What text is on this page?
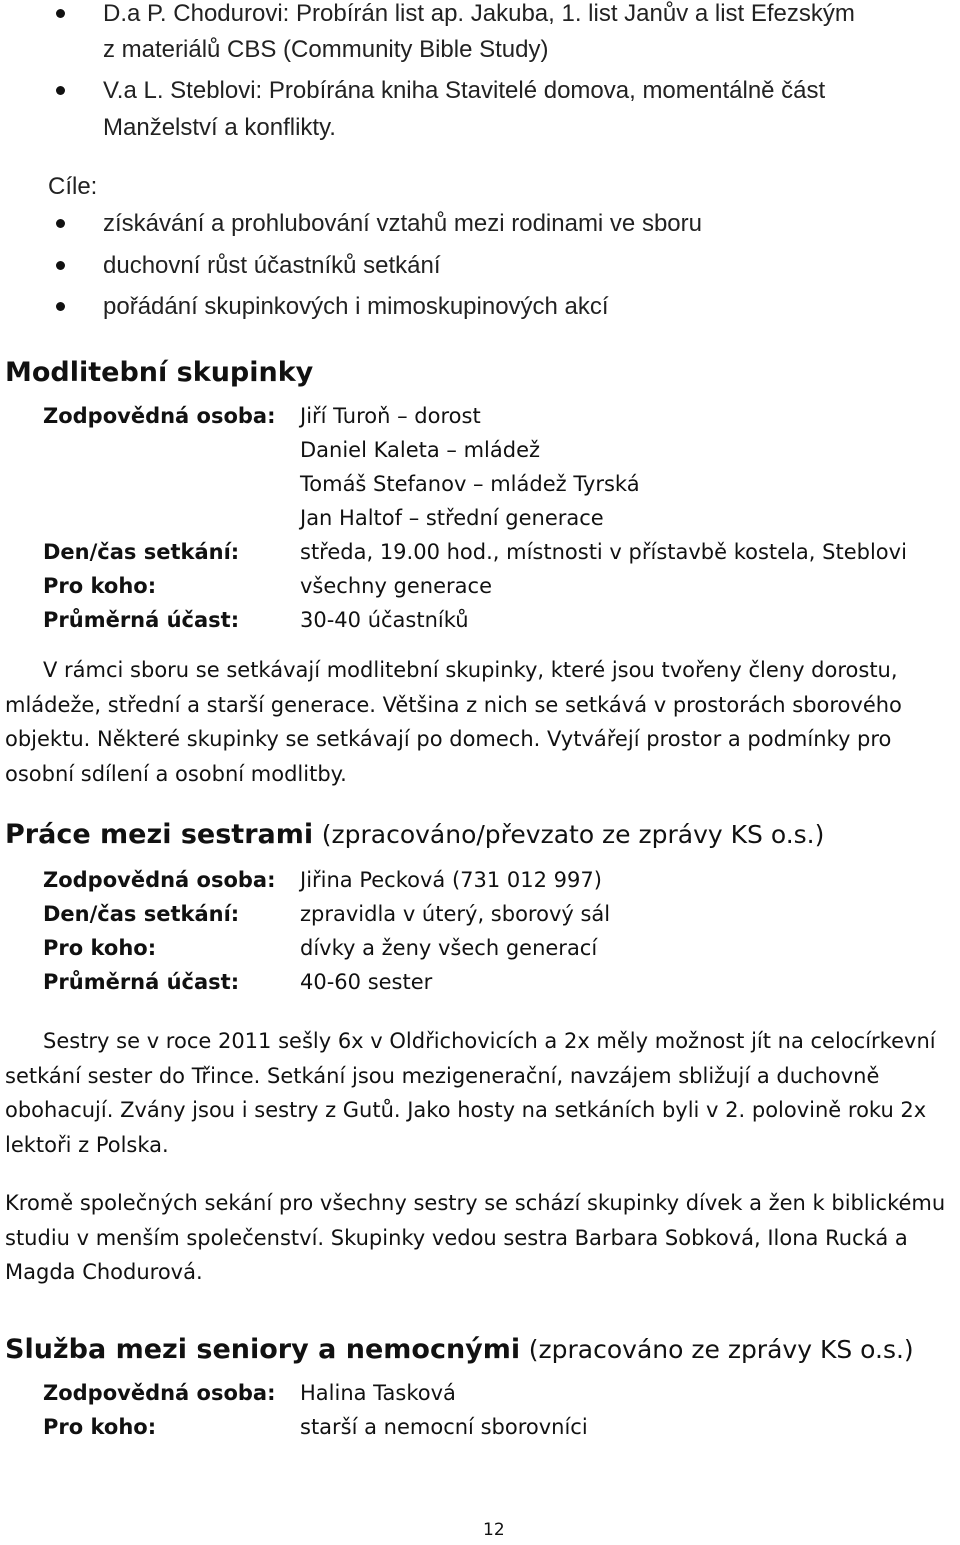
D.a P. Chodurovi: Probírán list ap. Jakuba, 1. list Janův a list Efezským
z materiálů CBS (Community Bible Study)
V.a L. Steblovi: Probírána kniha Stavitelé domova, momentálně část
Manželství a konflikty.
Cíle:
získávání a prohlubování vztahů mezi rodinami ve sboru
duchovní růst účastníků setkání
pořádání skupinkových i mimoskupinových akcí
Modlitební skupinky
Zodpovědná osoba: Jiří Turoň – dorost
Daniel Kaleta – mládež
Tomáš Stefanov – mládež Tyrská
Jan Haltof – střední generace
Den/čas setkání:	středa, 19.00 hod., místnosti v přístavbě kostela, Steblovi
Pro koho:	všechny generace
Průměrná účast:	30-40 účastníků
V rámci sboru se setkávají modlitební skupinky, které jsou tvořeny členy dorostu, mládeže, střední a starší generace. Většina z nich se setkává v prostorách sborového objektu. Některé skupinky se setkávají po domech. Vytvářejí prostor a podmínky pro osobní sdílení a osobní modlitby.
Práce mezi sestrami (zpracováno/převzato ze zprávy KS o.s.)
Zodpovědná osoba: Jiřina Pecková (731 012 997)
Den/čas setkání:	zpravidla v úterý, sborový sál
Pro koho:	dívky a ženy všech generací
Průměrná účast:	40-60 sester
Sestry se v roce 2011 sešly 6x v Oldřichovicích a 2x měly možnost jít na celocírkevní setkání sester do Třince. Setkání jsou mezigenerační, navzájem sbližují a duchovně obohacují. Zvány jsou i sestry z Gutů. Jako hosty na setkáních byli v 2. polovině roku 2x lektoři z Polska.
Kromě společných sekání pro všechny sestry se schází skupinky dívek a žen k biblickému studiu v menším společenství. Skupinky vedou sestra Barbara Sobková, Ilona Rucká a Magda Chodurová.
Služba mezi seniory a nemocnými (zpracováno ze zprávy KS o.s.)
Zodpovědná osoba: Halina Tasková
Pro koho:	starší a nemocní sborovníci
12
